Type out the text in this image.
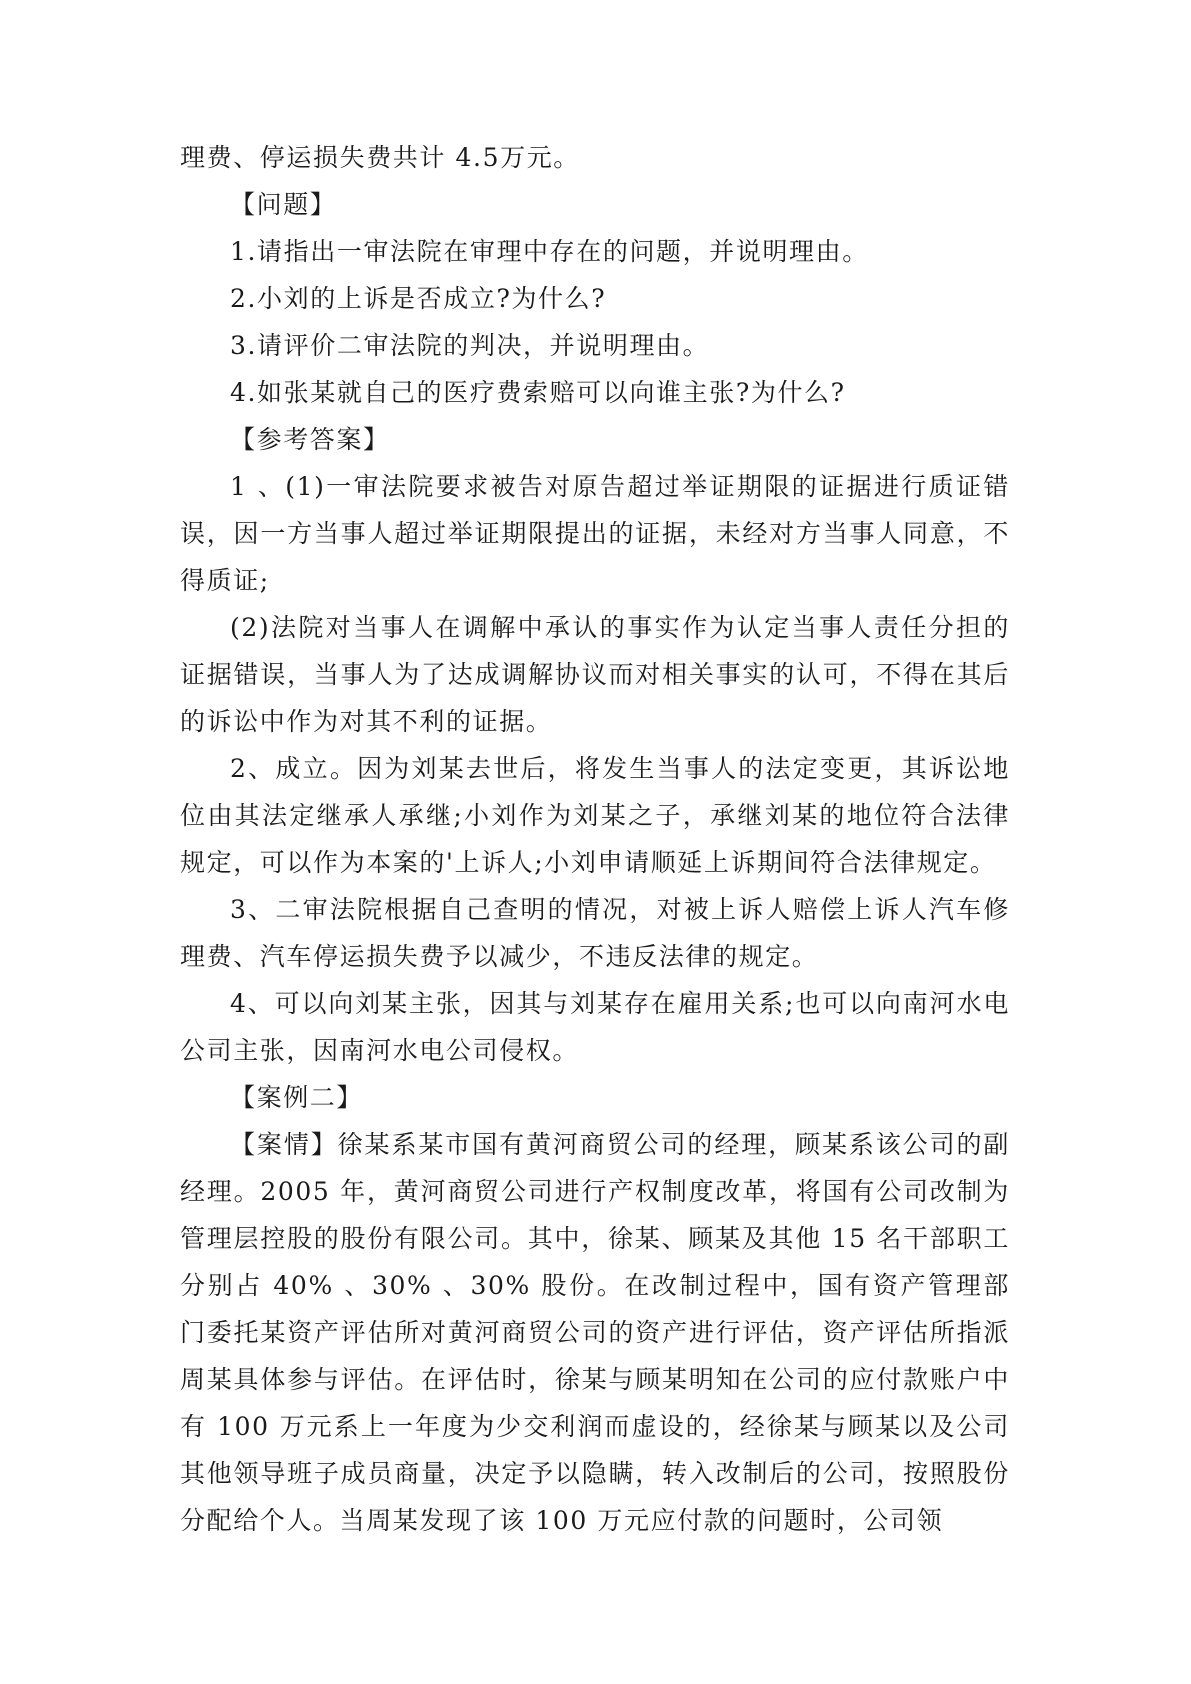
理费、停运损失费共计 4.5万元。

【问题】

1.请指出一审法院在审理中存在的问题，并说明理由。

2.小刘的上诉是否成立?为什么?

3.请评价二审法院的判决，并说明理由。

4.如张某就自己的医疗费索赔可以向谁主张?为什么?

【参考答案】

1 、(1)一审法院要求被告对原告超过举证期限的证据进行质证错误，因一方当事人超过举证期限提出的证据，未经对方当事人同意，不得质证;

(2)法院对当事人在调解中承认的事实作为认定当事人责任分担的证据错误，当事人为了达成调解协议而对相关事实的认可，不得在其后的诉讼中作为对其不利的证据。

2、成立。因为刘某去世后，将发生当事人的法定变更，其诉讼地位由其法定继承人承继;小刘作为刘某之子，承继刘某的地位符合法律规定，可以作为本案的'上诉人;小刘申请顺延上诉期间符合法律规定。

3、二审法院根据自己查明的情况，对被上诉人赔偿上诉人汽车修理费、汽车停运损失费予以减少，不违反法律的规定。

4、可以向刘某主张，因其与刘某存在雇用关系;也可以向南河水电公司主张，因南河水电公司侵权。

【案例二】

【案情】徐某系某市国有黄河商贸公司的经理，顾某系该公司的副经理。2005 年，黄河商贸公司进行产权制度改革，将国有公司改制为管理层控股的股份有限公司。其中，徐某、顾某及其他 15 名干部职工分别占 40% 、30% 、30% 股份。在改制过程中，国有资产管理部门委托某资产评估所对黄河商贸公司的资产进行评估，资产评估所指派周某具体参与评估。在评估时，徐某与顾某明知在公司的应付款账户中有 100 万元系上一年度为少交利润而虚设的，经徐某与顾某以及公司其他领导班子成员商量，决定予以隐瞒，转入改制后的公司，按照股份分配给个人。当周某发现了该 100 万元应付款的问题时，公司领
